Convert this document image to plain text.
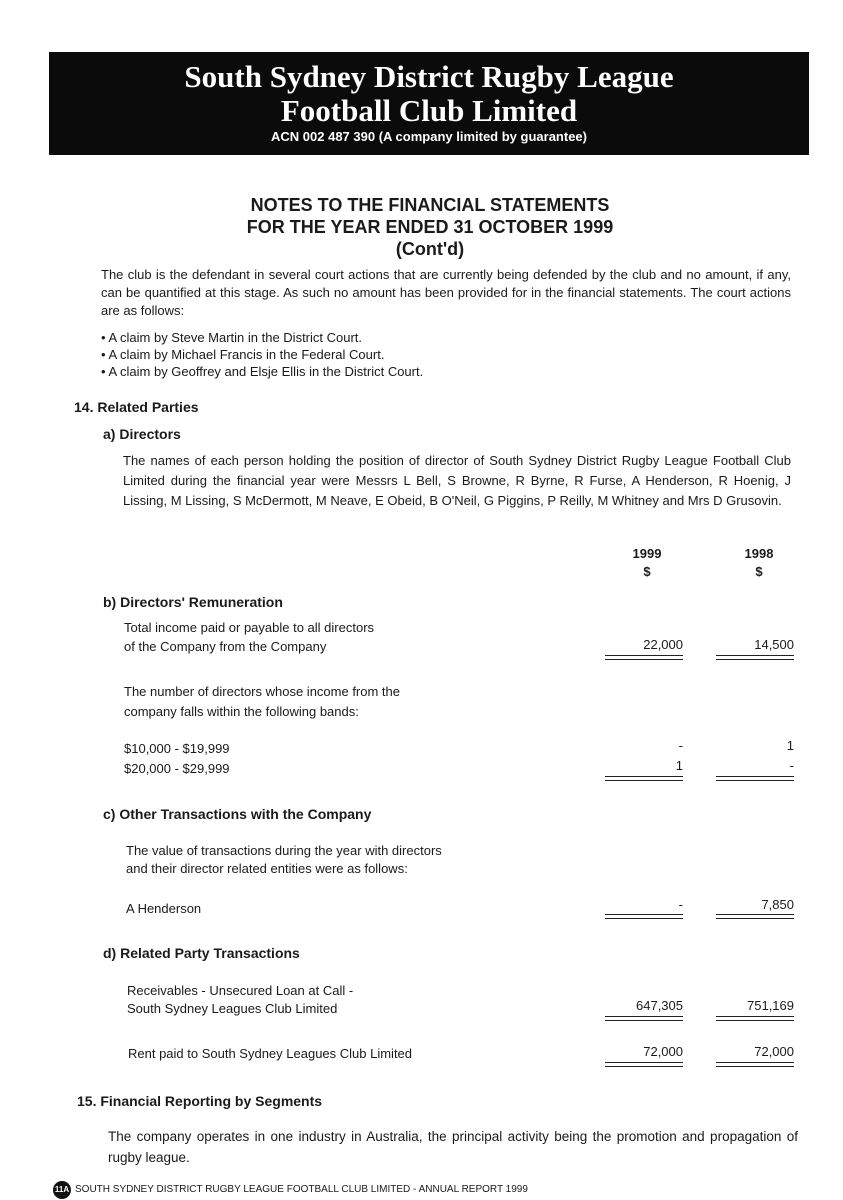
South Sydney District Rugby League
Football Club Limited
ACN 002 487 390 (A company limited by guarantee)
NOTES TO THE FINANCIAL STATEMENTS
FOR THE YEAR ENDED 31 OCTOBER 1999
(Cont'd)
The club is the defendant in several court actions that are currently being defended by the club and no amount, if any, can be quantified at this stage. As such no amount has been provided for in the financial statements. The court actions are as follows:
• A claim by Steve Martin in the District Court.
• A claim by Michael Francis in the Federal Court.
• A claim by Geoffrey and Elsje Ellis in the District Court.
14. Related Parties
a) Directors
The names of each person holding the position of director of South Sydney District Rugby League Football Club Limited during the financial year were Messrs L Bell, S Browne, R Byrne, R Furse, A Henderson, R Hoenig, J Lissing, M Lissing, S McDermott, M Neave, E Obeid, B O'Neil, G Piggins, P Reilly, M Whitney and Mrs D Grusovin.
1999	1998
$	$
b) Directors' Remuneration
Total income paid or payable to all directors
of the Company from the Company	22,000	14,500
The number of directors whose income from the
company falls within the following bands:
$10,000 - $19,999	-	1
$20,000 - $29,999	1	-
c) Other Transactions with the Company
The value of transactions during the year with directors
and their director related entities were as follows:
A Henderson	-	7,850
d) Related Party Transactions
Receivables - Unsecured Loan at Call -
South Sydney Leagues Club Limited	647,305	751,169
Rent paid to South Sydney Leagues Club Limited	72,000	72,000
15. Financial Reporting by Segments
The company operates in one industry in Australia, the principal activity being the promotion and propagation of rugby league.
11A SOUTH SYDNEY DISTRICT RUGBY LEAGUE FOOTBALL CLUB LIMITED - ANNUAL REPORT 1999
